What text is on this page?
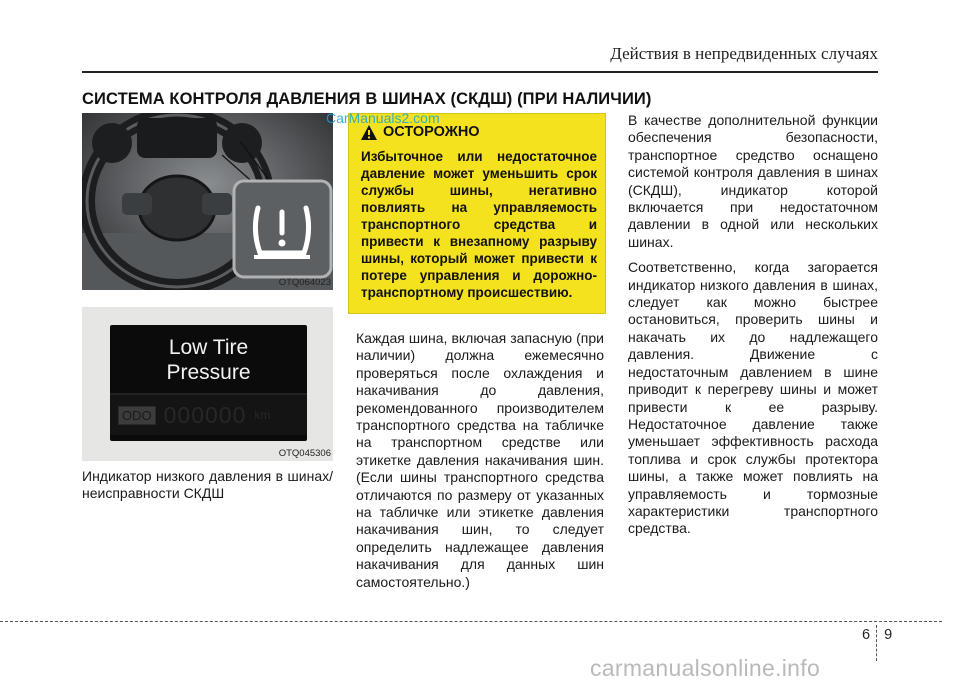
Действия в непредвиденных случаях
СИСТЕМА КОНТРОЛЯ ДАВЛЕНИЯ В ШИНАХ (СКДШ) (ПРИ НАЛИЧИИ)
OTQ064023
Low Tire
Pressure
ODO 000000 km
OTQ045306
Индикатор низкого давления в шинах/неисправности СКДШ
ОСТОРОЖНО
Избыточное или недостаточное давление может уменьшить срок службы шины, негативно повлиять на управляемость транспортного средства и привести к внезапному разрыву шины, который может привести к потере управления и дорожно-транспортному происшествию.
CarManuals2.com
Каждая шина, включая запасную (при наличии) должна ежемесячно проверяться после охлаждения и накачивания до давления, рекомендованного производителем транспортного средства на табличке на транспортном средстве или этикетке давления накачивания шин. (Если шины транспортного средства отличаются по размеру от указанных на табличке или этикетке давления накачивания шин, то следует определить надлежащее давления накачивания для данных шин самостоятельно.)

В качестве дополнительной функции обеспечения безопасности, транспортное средство оснащено системой контроля давления в шинах (СКДШ), индикатор которой включается при недостаточном давлении в одной или нескольких шинах.

Соответственно, когда загорается индикатор низкого давления в шинах, следует как можно быстрее остановиться, проверить шины и накачать их до надлежащего давления. Движение с недостаточным давлением в шине приводит к перегреву шины и может привести к ее разрыву. Недостаточное давление также уменьшает эффективность расхода топлива и срок службы протектора шины, а также может повлиять на управляемость и тормозные характеристики транспортного средства.

6 9
carmanualsonline.info
